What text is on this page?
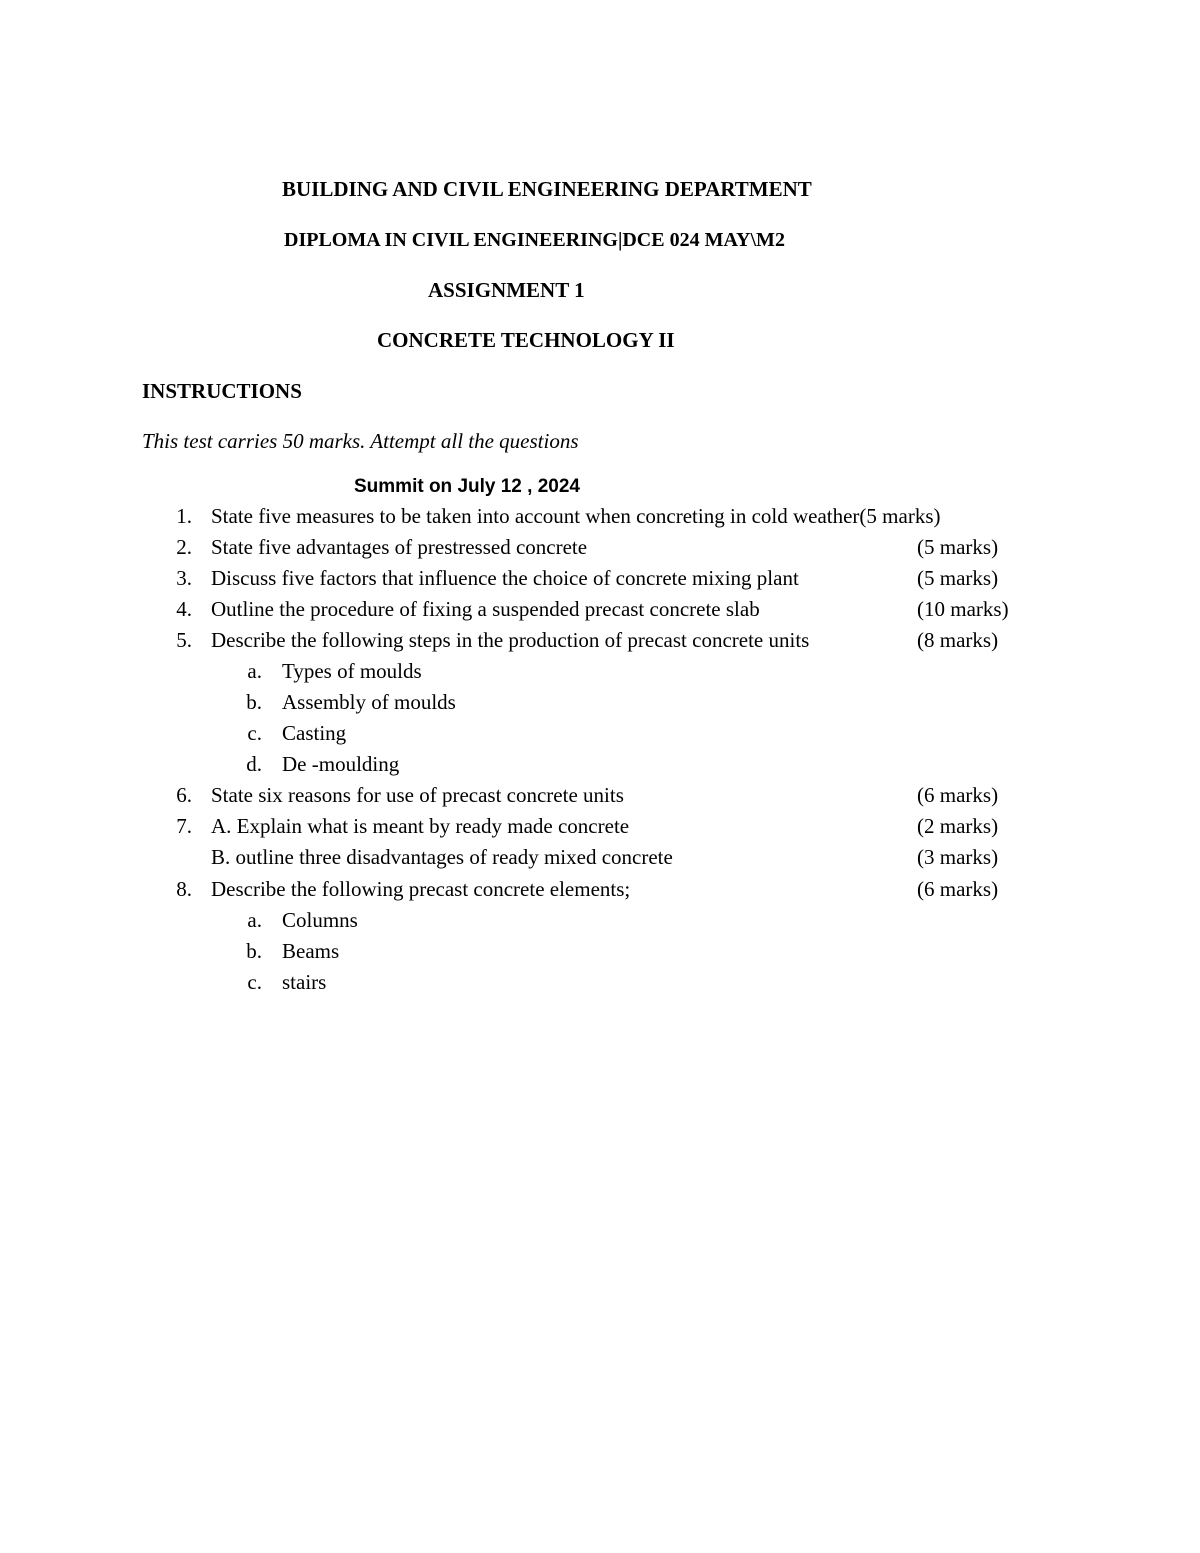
BUILDING AND CIVIL ENGINEERING DEPARTMENT
DIPLOMA IN CIVIL ENGINEERING|DCE 024 MAY\M2
ASSIGNMENT 1
CONCRETE TECHNOLOGY II
INSTRUCTIONS
This test carries 50 marks. Attempt all the questions
Summit on July 12 , 2024
1. State five measures to be taken into account when concreting in cold weather(5 marks)
2. State five advantages of prestressed concrete	(5 marks)
3. Discuss five factors that influence the choice of concrete mixing plant	(5 marks)
4. Outline the procedure of fixing a suspended precast concrete slab	(10 marks)
5. Describe the following steps in the production of precast concrete units	(8 marks)
a. Types of moulds
b. Assembly of moulds
c. Casting
d. De -moulding
6. State six reasons for use of precast concrete units	(6 marks)
7. A. Explain what is meant by ready made concrete	(2 marks)
B. outline three disadvantages of ready mixed concrete	(3 marks)
8. Describe the following precast concrete elements;	(6 marks)
a. Columns
b. Beams
c. stairs
